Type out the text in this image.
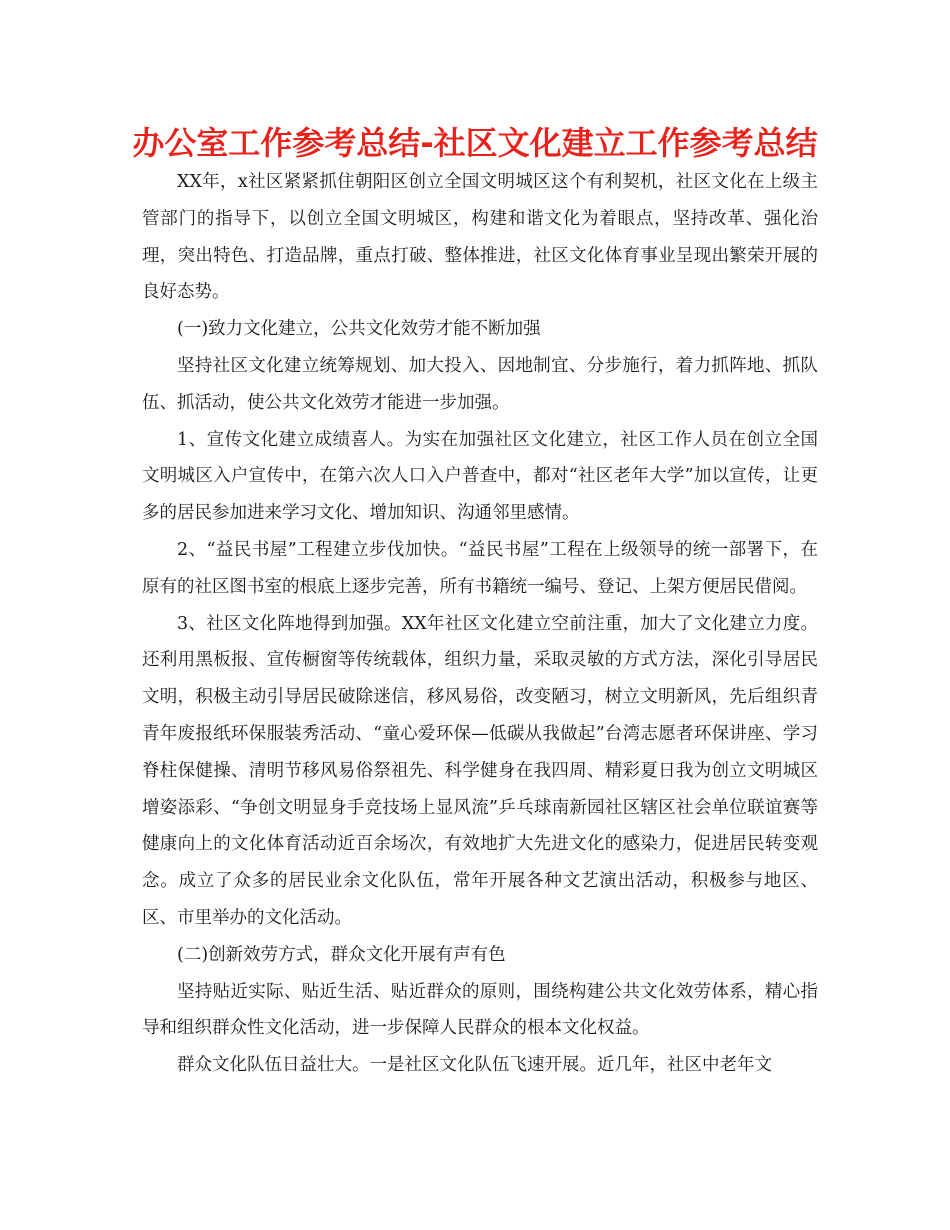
办公室工作参考总结-社区文化建立工作参考总结

XX年，x社区紧紧抓住朝阳区创立全国文明城区这个有利契机，社区文化在上级主管部门的指导下，以创立全国文明城区，构建和谐文化为着眼点，坚持改革、强化治理，突出特色、打造品牌，重点打破、整体推进，社区文化体育事业呈现出繁荣开展的良好态势。

(一)致力文化建立，公共文化效劳才能不断加强

坚持社区文化建立统筹规划、加大投入、因地制宜、分步施行，着力抓阵地、抓队伍、抓活动，使公共文化效劳才能进一步加强。

1、宣传文化建立成绩喜人。为实在加强社区文化建立，社区工作人员在创立全国文明城区入户宣传中，在第六次人口入户普查中，都对“社区老年大学”加以宣传，让更多的居民参加进来学习文化、增加知识、沟通邻里感情。

2、“益民书屋”工程建立步伐加快。“益民书屋”工程在上级领导的统一部署下，在原有的社区图书室的根底上逐步完善，所有书籍统一编号、登记、上架方便居民借阅。

3、社区文化阵地得到加强。XX年社区文化建立空前注重，加大了文化建立力度。还利用黑板报、宣传橱窗等传统载体，组织力量，采取灵敏的方式方法，深化引导居民文明，积极主动引导居民破除迷信，移风易俗，改变陋习，树立文明新风，先后组织青青年废报纸环保服装秀活动、“童心爱环保—低碳从我做起”台湾志愿者环保讲座、学习脊柱保健操、清明节移风易俗祭祖先、科学健身在我四周、精彩夏日我为创立文明城区增姿添彩、“争创文明显身手竞技场上显风流”乒乓球南新园社区辖区社会单位联谊赛等健康向上的文化体育活动近百余场次，有效地扩大先进文化的感染力，促进居民转变观念。成立了众多的居民业余文化队伍，常年开展各种文艺演出活动，积极参与地区、区、市里举办的文化活动。

(二)创新效劳方式，群众文化开展有声有色

坚持贴近实际、贴近生活、贴近群众的原则，围绕构建公共文化效劳体系，精心指导和组织群众性文化活动，进一步保障人民群众的根本文化权益。

群众文化队伍日益壮大。一是社区文化队伍飞速开展。近几年，社区中老年文
